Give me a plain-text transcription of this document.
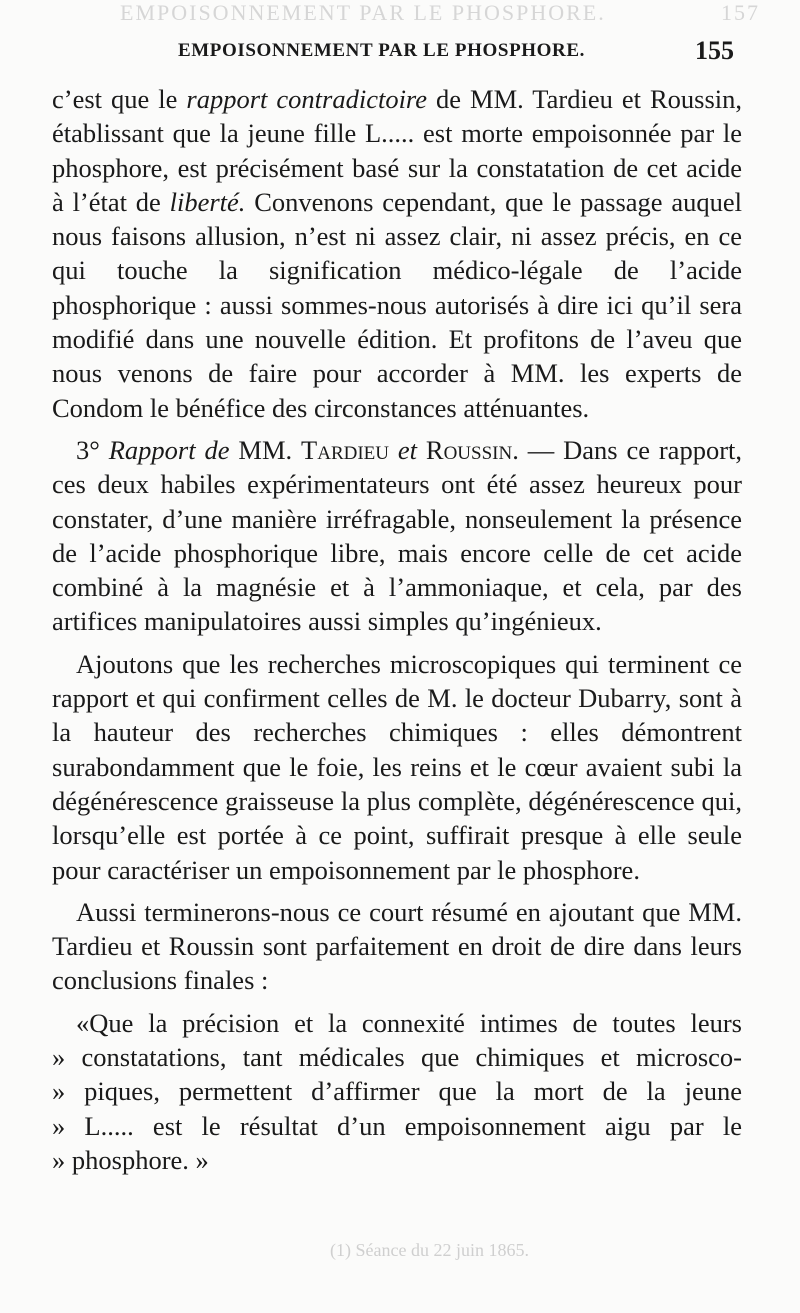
EMPOISONNEMENT PAR LE PHOSPHORE.	157
EMPOISONNEMENT PAR LE PHOSPHORE.	155

c’est que le rapport contradictoire de MM. Tardieu et Roussin, établissant que la jeune fille L..... est morte empoisonnée par le phosphore, est précisément basé sur la constatation de cet acide à l’état de liberté. Convenons cependant, que le passage auquel nous faisons allusion, n’est ni assez clair, ni assez précis, en ce qui touche la signification médico-légale de l’acide phosphorique : aussi sommes-nous autorisés à dire ici qu’il sera modifié dans une nouvelle édition. Et profitons de l’aveu que nous venons de faire pour accorder à MM. les experts de Condom le bénéfice des circonstances atténuantes.

3° Rapport de MM. Tardieu et Roussin. — Dans ce rapport, ces deux habiles expérimentateurs ont été assez heureux pour constater, d’une manière irréfragable, nonseulement la présence de l’acide phosphorique libre, mais encore celle de cet acide combiné à la magnésie et à l’ammoniaque, et cela, par des artifices manipulatoires aussi simples qu’ingénieux.

Ajoutons que les recherches microscopiques qui terminent ce rapport et qui confirment celles de M. le docteur Dubarry, sont à la hauteur des recherches chimiques : elles démontrent surabondamment que le foie, les reins et le cœur avaient subi la dégénérescence graisseuse la plus complète, dégénérescence qui, lorsqu’elle est portée à ce point, suffirait presque à elle seule pour caractériser un empoisonnement par le phosphore.

Aussi terminerons-nous ce court résumé en ajoutant que MM. Tardieu et Roussin sont parfaitement en droit de dire dans leurs conclusions finales :

«Que la précision et la connexité intimes de toutes leurs
» constatations, tant médicales que chimiques et microsco-
» piques, permettent d’affirmer que la mort de la jeune
» L..... est le résultat d’un empoisonnement aigu par le
» phosphore. »

(1) Séance du 22 juin 1865.
